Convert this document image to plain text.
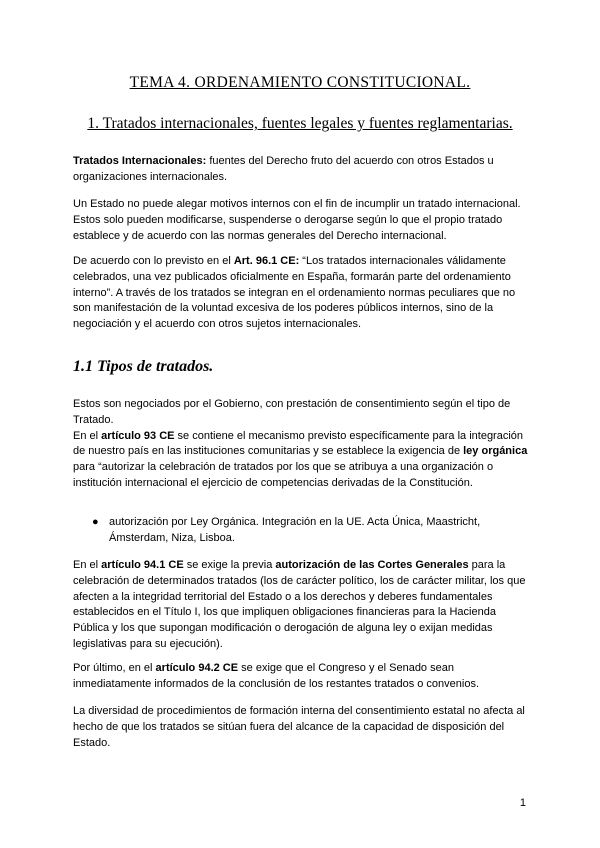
TEMA 4. ORDENAMIENTO CONSTITUCIONAL.
1. Tratados internacionales, fuentes legales y fuentes reglamentarias.

Tratados Internacionales: fuentes del Derecho fruto del acuerdo con otros Estados u organizaciones internacionales.

Un Estado no puede alegar motivos internos con el fin de incumplir un tratado internacional. Estos solo pueden modificarse, suspenderse o derogarse según lo que el propio tratado establece y de acuerdo con las normas generales del Derecho internacional.

De acuerdo con lo previsto en el Art. 96.1 CE: “Los tratados internacionales válidamente celebrados, una vez publicados oficialmente en España, formarán parte del ordenamiento interno”. A través de los tratados se integran en el ordenamiento normas peculiares que no son manifestación de la voluntad excesiva de los poderes públicos internos, sino de la negociación y el acuerdo con otros sujetos internacionales.

1.1 Tipos de tratados.

Estos son negociados por el Gobierno, con prestación de consentimiento según el tipo de Tratado.
En el artículo 93 CE se contiene el mecanismo previsto específicamente para la integración de nuestro país en las instituciones comunitarias y se establece la exigencia de ley orgánica para “autorizar la celebración de tratados por los que se atribuya a una organización o institución internacional el ejercicio de competencias derivadas de la Constitución.

● autorización por Ley Orgánica. Integración en la UE. Acta Única, Maastricht, Ámsterdam, Niza, Lisboa.

En el artículo 94.1 CE se exige la previa autorización de las Cortes Generales para la celebración de determinados tratados (los de carácter político, los de carácter militar, los que afecten a la integridad territorial del Estado o a los derechos y deberes fundamentales establecidos en el Título I, los que impliquen obligaciones financieras para la Hacienda Pública y los que supongan modificación o derogación de alguna ley o exijan medidas legislativas para su ejecución).

Por último, en el artículo 94.2 CE se exige que el Congreso y el Senado sean inmediatamente informados de la conclusión de los restantes tratados o convenios.

La diversidad de procedimientos de formación interna del consentimiento estatal no afecta al hecho de que los tratados se sitúan fuera del alcance de la capacidad de disposición del Estado.

1
